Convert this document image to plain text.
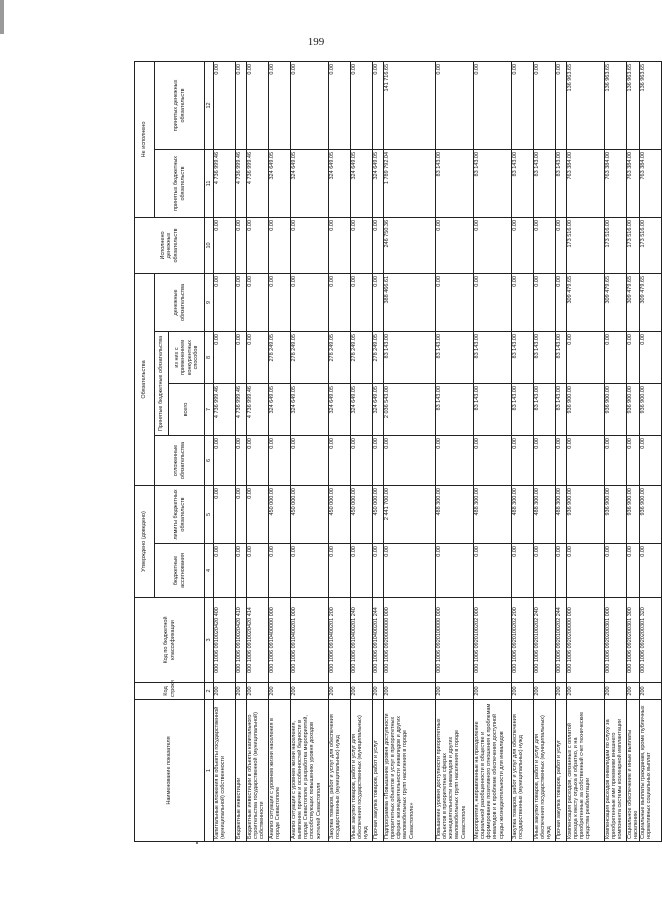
199
Наименование показателя	Код строки	Код по бюджетной классификации	Утверждено (доведено)		Обязательства				Исполнено денежных обязательств	Не исполнено	
			бюджетные ассигнования	лимиты бюджетных обязательств	отложенные обязательства	Принятые бюджетные обязательства		денежные обязательства		принятых бюджетных обязательств	принятых денежных обязательств
						всего	из них с применением конкурентных способов				
1	2	3	4	5	6	7	8	9	10	11	12
Капитальные вложения в объекты государственной (муниципальной) собственности	200	000 1006 0910020420 400	0.00	0.00	0.00	4 736 999.46	0.00	0.00	0.00	4 736 999.46	0.00
Бюджетные инвестиции	200	000 1006 0910020420 410	0.00	0.00	0.00	4 736 999.46	0.00	0.00	0.00	4 736 999.46	0.00
Бюджетные инвестиции в объекты капитального строительства государственной (муниципальной) собственности	200	000 1006 0910020420 414	0.00	0.00	0.00	4 736 999.46	0.00	0.00	0.00	4 736 999.46	0.00
Анализ ситуации с уровнем жизни населения в городе Севастополе	200	000 1006 0910400000 000	0.00	450 000.00	0.00	324 649.05	278 249.05	0.00	0.00	324 649.05	0.00
Анализ ситуации с уровнем жизни населения, выявление причин и особенностей бедности в городе Севастополе и разработка мероприятий, способствующих повышению уровня доходов жителей Севастополя	200	000 1006 0910400201 000	0.00	450 000.00	0.00	324 649.05	278 249.05	0.00	0.00	324 649.05	0.00
Закупка товаров, работ и услуг для обеспечения государственных (муниципальных) нужд	200	000 1006 0910400201 200	0.00	450 000.00	0.00	324 649.05	278 249.05	0.00	0.00	324 649.05	0.00
Иные закупки товаров, работ и услуг для обеспечения государственных (муниципальных) нужд	200	000 1006 0910400201 240	0.00	450 000.00	0.00	324 649.05	278 249.05	0.00	0.00	324 649.05	0.00
Прочая закупка товаров, работ и услуг	200	000 1006 0910400201 244	0.00	450 000.00	0.00	324 649.05	278 249.05	0.00	0.00	324 649.05	0.00
Подпрограмма «Повышение уровня доступности приоритетных объектов и услуг в приоритетных сферах жизнедеятельности инвалидов и других маломобильных групп населения в городе Севастополе»	200	000 1006 0920000000 000	0.00	2 441 700.00	0.00	2 036 543.00	83 143.00	388 466.61	246 750.36	1 789 792.04	141 716.65
Повышение уровня доступности приоритетных объектов в приоритетных сферах жизнедеятельности инвалидов и других маломобильных групп населения в городе Севастополе	200	000 1006 0920100000 000	0.00	488 300.00	0.00	83 143.00	83 143.00	0.00	0.00	83 143.00	0.00
Мероприятия, направленные на преодоление социальной разобщенности в обществе и формирование позитивного отношения к проблемам инвалидов и к проблеме обеспечения доступной среды жизнедеятельности для инвалидов	200	000 1006 0920100202 000	0.00	488 300.00	0.00	83 143.00	83 143.00	0.00	0.00	83 143.00	0.00
Закупка товаров, работ и услуг для обеспечения государственных (муниципальных) нужд	200	000 1006 0920100202 200	0.00	488 300.00	0.00	83 143.00	83 143.00	0.00	0.00	83 143.00	0.00
Иные закупки товаров, работ и услуг для обеспечения государственных (муниципальных) нужд	200	000 1006 0920100202 240	0.00	488 300.00	0.00	83 143.00	83 143.00	0.00	0.00	83 143.00	0.00
Прочая закупка товаров, работ и услуг	200	000 1006 0920100202 244	0.00	488 300.00	0.00	83 143.00	83 143.00	0.00	0.00	83 143.00	0.00
Компенсация расходов, связанных с оплатой проезда к месту отдыха и обратно, и на приобретенные за собственный счет технические средства реабилитации	200	000 1006 0920200000 000	0.00	936 900.00	0.00	936 900.00	0.00	309 479.65	173 516.00	763 384.00	136 963.65
Компенсация расходов инвалидам по слуху за приобретенные ими приемники внешнего компонента системы кохлеарной имплантации	200	000 1006 0920200301 000	0.00	936 900.00	0.00	936 900.00	0.00	309 479.65	173 516.00	763 384.00	136 963.65
Социальное обеспечение и иные выплаты населению	200	000 1006 0920200301 300	0.00	936 900.00	0.00	936 900.00	0.00	309 479.65	173 516.00	763 384.00	136 963.65
Социальные выплаты гражданам, кроме публичных нормативных социальных выплат	200	000 1006 0920200301 320	0.00	936 900.00	0.00	936 900.00	0.00	309 479.65	173 516.00	763 384.00	136 963.65
